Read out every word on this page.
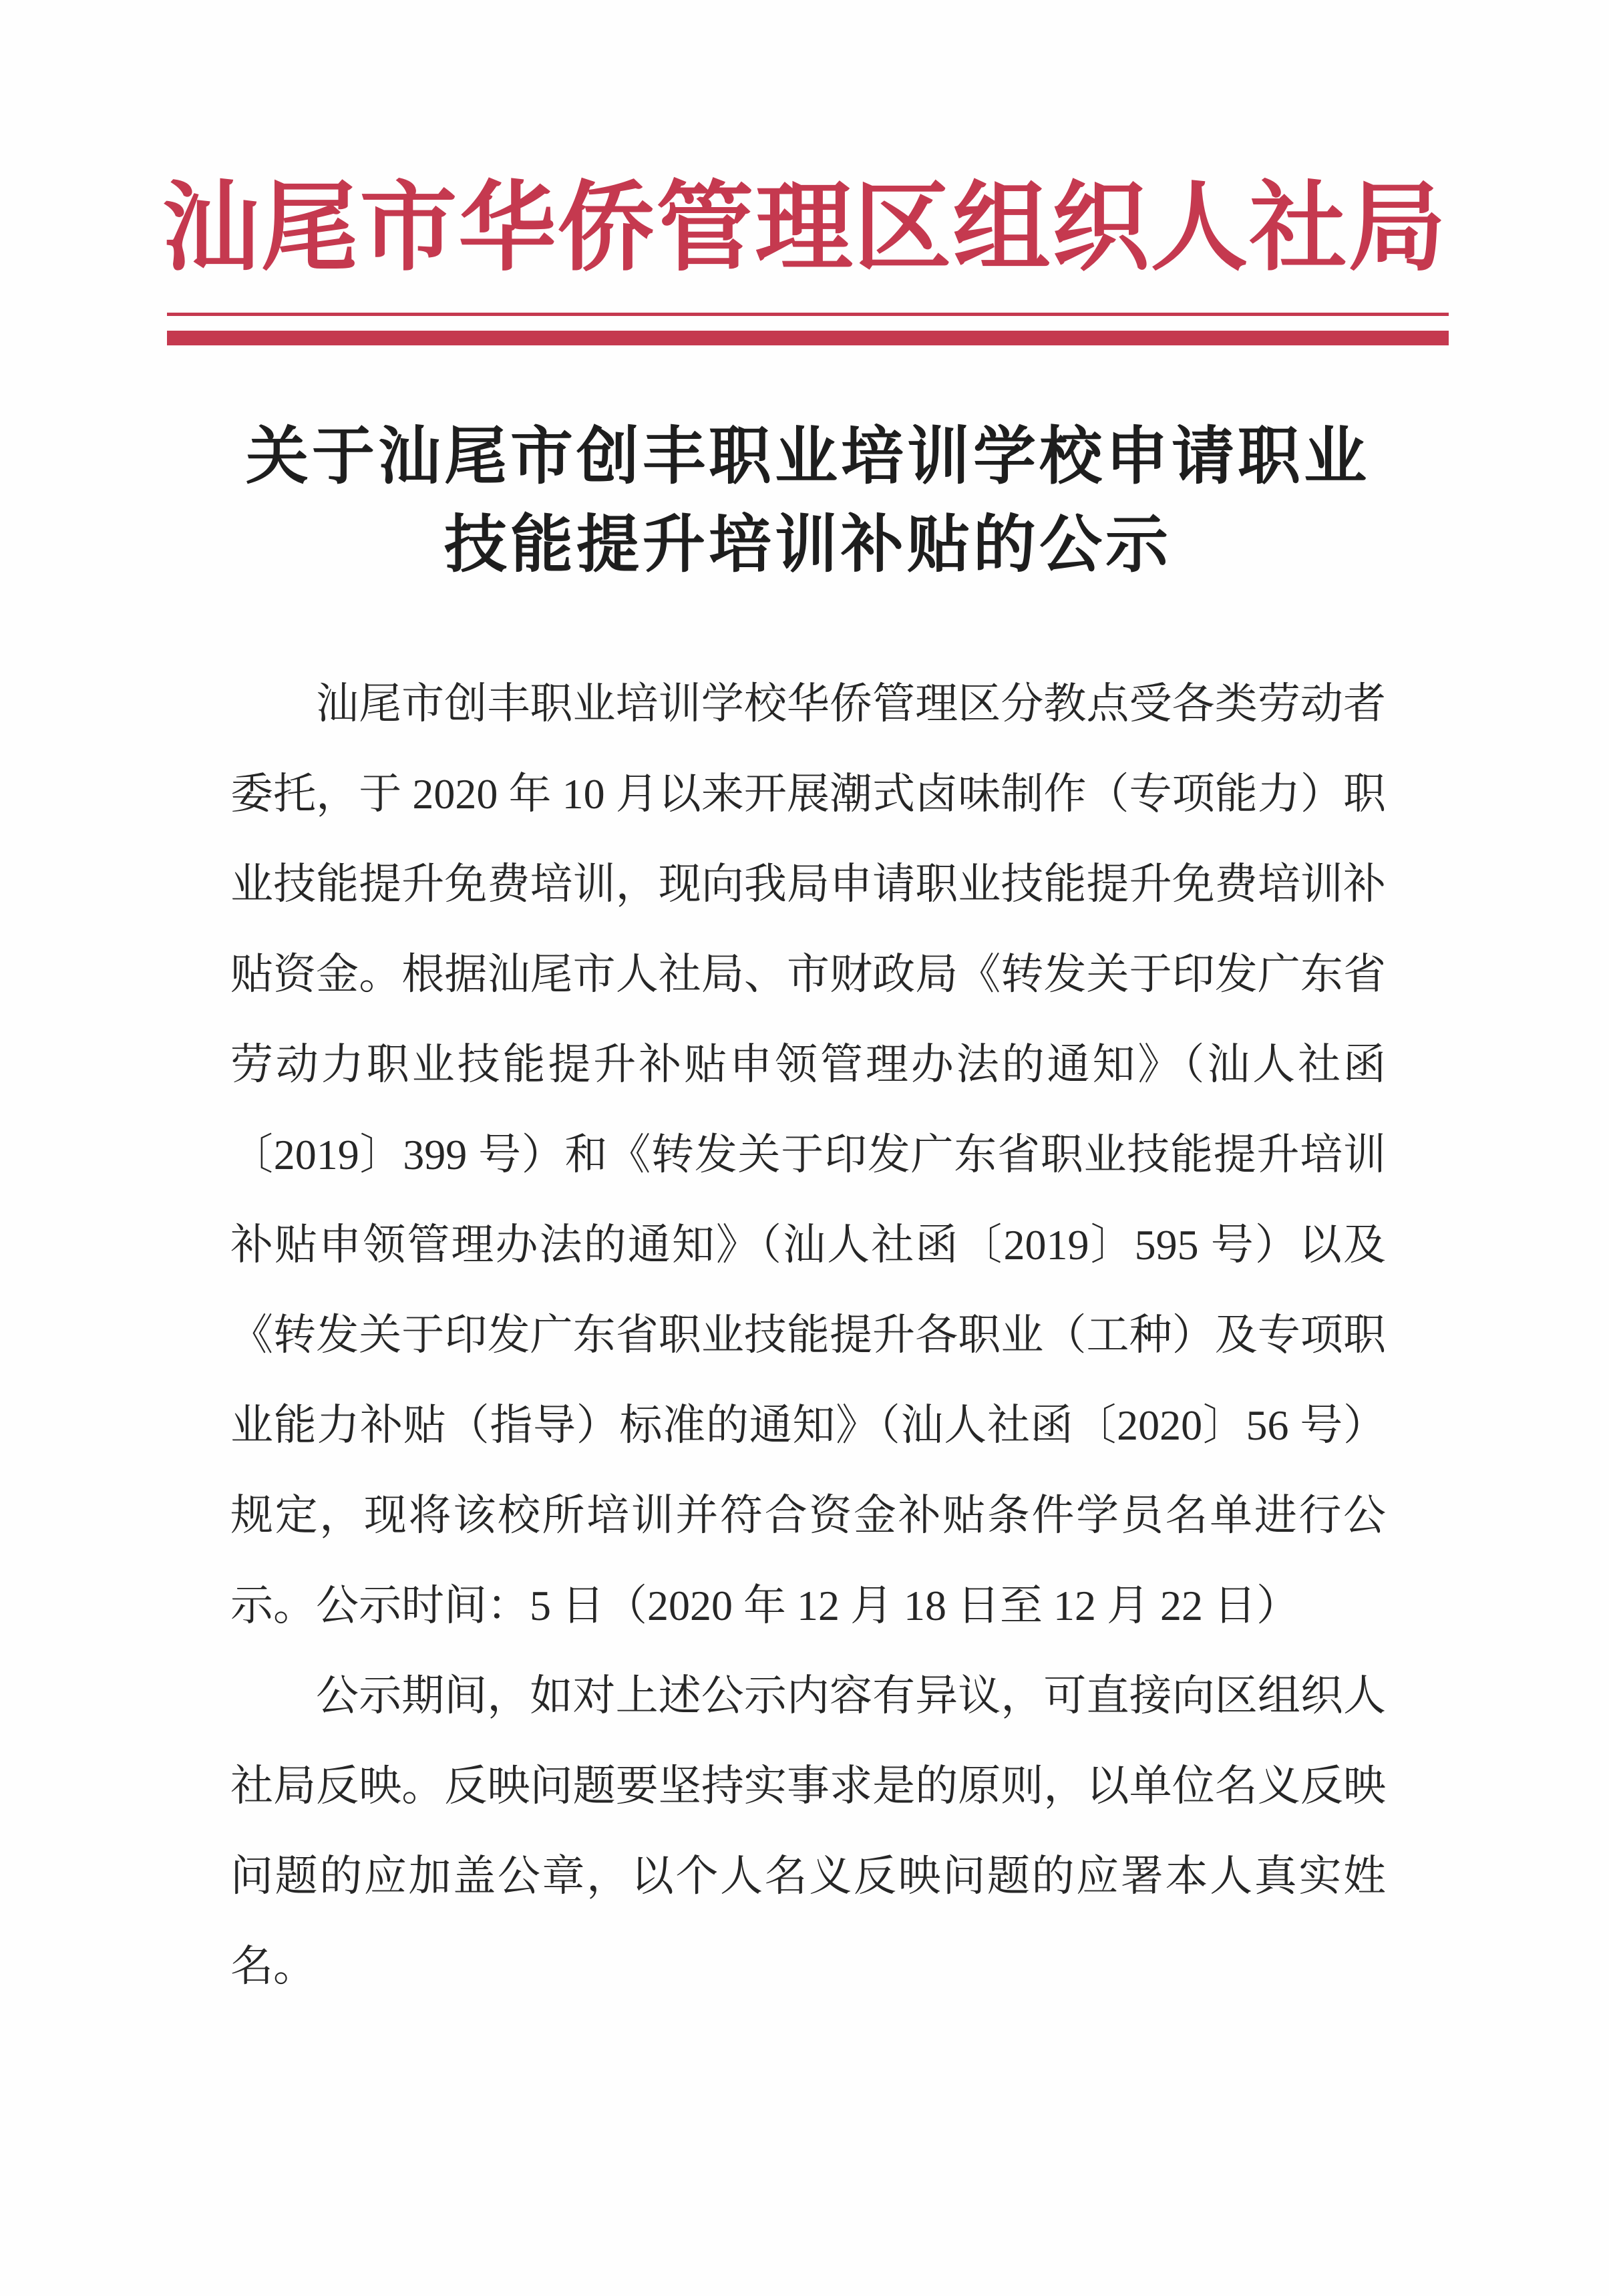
汕尾市华侨管理区组织人社局
关于汕尾市创丰职业培训学校申请职业
技能提升培训补贴的公示

汕尾市创丰职业培训学校华侨管理区分教点受各类劳动者委托，于 2020 年 10 月以来开展潮式卤味制作（专项能力）职业技能提升免费培训，现向我局申请职业技能提升免费培训补贴资金。根据汕尾市人社局、市财政局《转发关于印发广东省劳动力职业技能提升补贴申领管理办法的通知》（汕人社函〔2019〕399 号）和《转发关于印发广东省职业技能提升培训补贴申领管理办法的通知》（汕人社函〔2019〕595 号）以及《转发关于印发广东省职业技能提升各职业（工种）及专项职业能力补贴（指导）标准的通知》（汕人社函〔2020〕56 号）规定，现将该校所培训并符合资金补贴条件学员名单进行公示。公示时间：5 日（2020 年 12 月 18 日至 12 月 22 日）

公示期间，如对上述公示内容有异议，可直接向区组织人社局反映。反映问题要坚持实事求是的原则，以单位名义反映问题的应加盖公章，以个人名义反映问题的应署本人真实姓名。
